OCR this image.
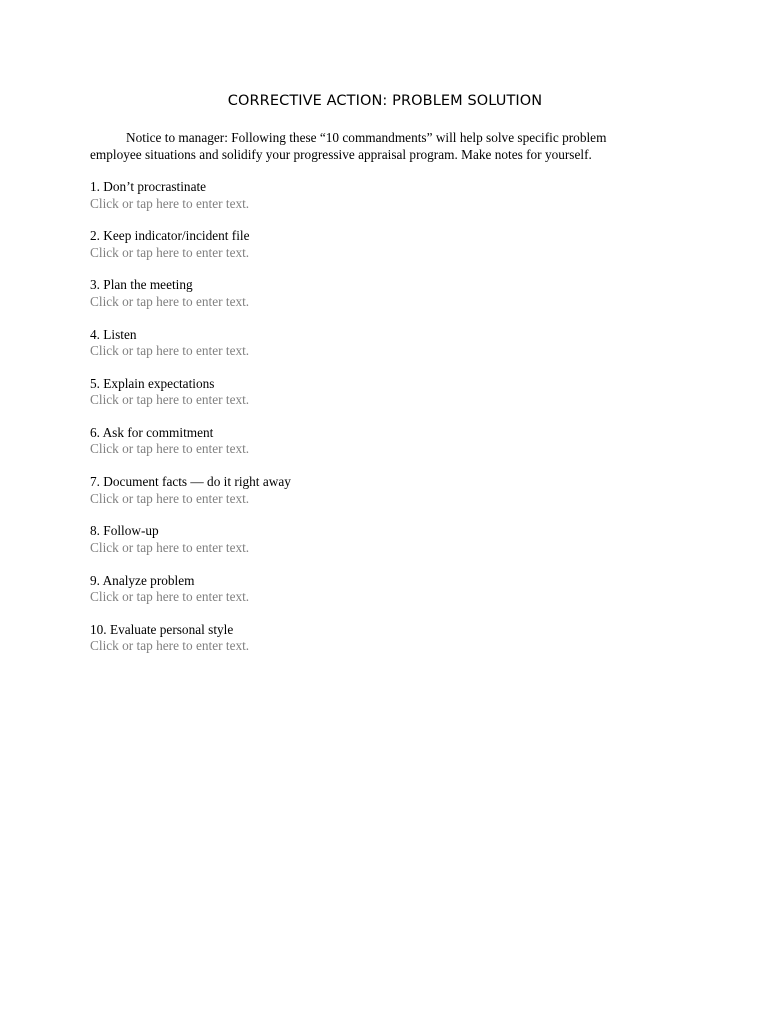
CORRECTIVE ACTION: PROBLEM SOLUTION
Notice to manager: Following these “10 commandments” will help solve specific problem
employee situations and solidify your progressive appraisal program. Make notes for yourself.
1. Don’t procrastinate
Click or tap here to enter text.
2. Keep indicator/incident file
Click or tap here to enter text.
3. Plan the meeting
Click or tap here to enter text.
4. Listen
Click or tap here to enter text.
5. Explain expectations
Click or tap here to enter text.
6. Ask for commitment
Click or tap here to enter text.
7. Document facts — do it right away
Click or tap here to enter text.
8. Follow-up
Click or tap here to enter text.
9. Analyze problem
Click or tap here to enter text.
10. Evaluate personal style
Click or tap here to enter text.
